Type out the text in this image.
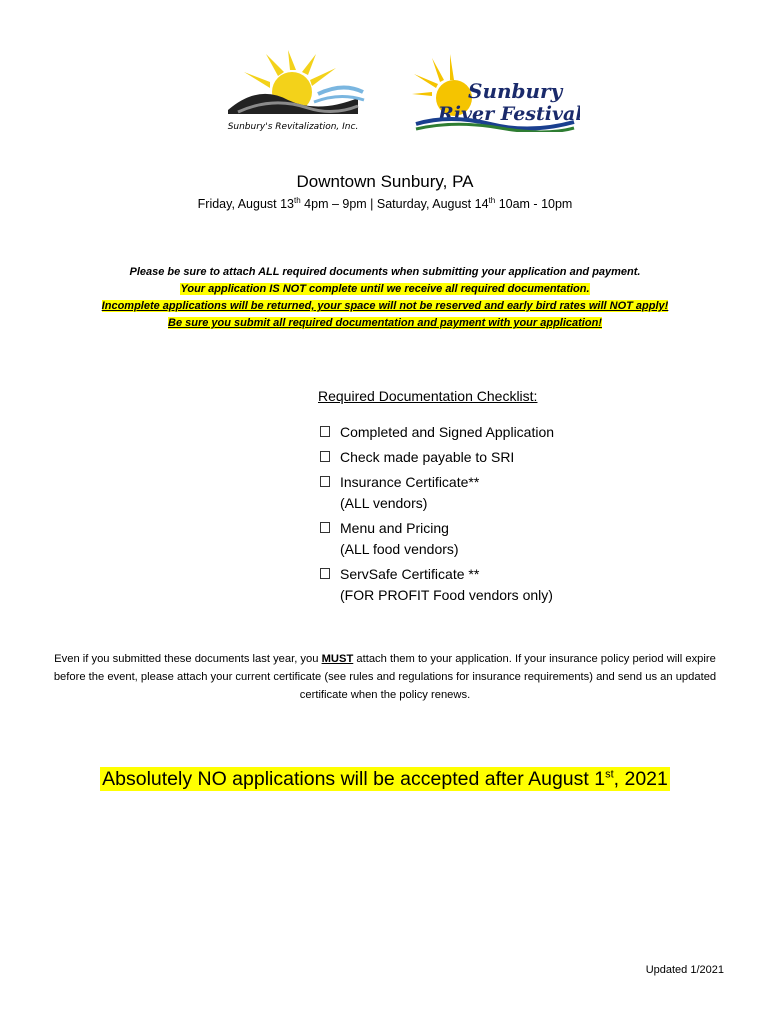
Sunbury's Revitalization, Inc.
Sunbury
River Festival
Downtown Sunbury, PA
Friday, August 13th 4pm – 9pm | Saturday, August 14th 10am - 10pm
Please be sure to attach ALL required documents when submitting your application and payment.
Your application IS NOT complete until we receive all required documentation.
Incomplete applications will be returned, your space will not be reserved and early bird rates will NOT apply!
Be sure you submit all required documentation and payment with your application!
Required Documentation Checklist:
Completed and Signed Application
Check made payable to SRI
Insurance Certificate**
(ALL vendors)
Menu and Pricing
(ALL food vendors)
ServSafe Certificate **
(FOR PROFIT Food vendors only)
Even if you submitted these documents last year, you MUST attach them to your application. If your insurance policy period will expire before the event, please attach your current certificate (see rules and regulations for insurance requirements) and send us an updated certificate when the policy renews.
Absolutely NO applications will be accepted after August 1st, 2021
Updated 1/2021
